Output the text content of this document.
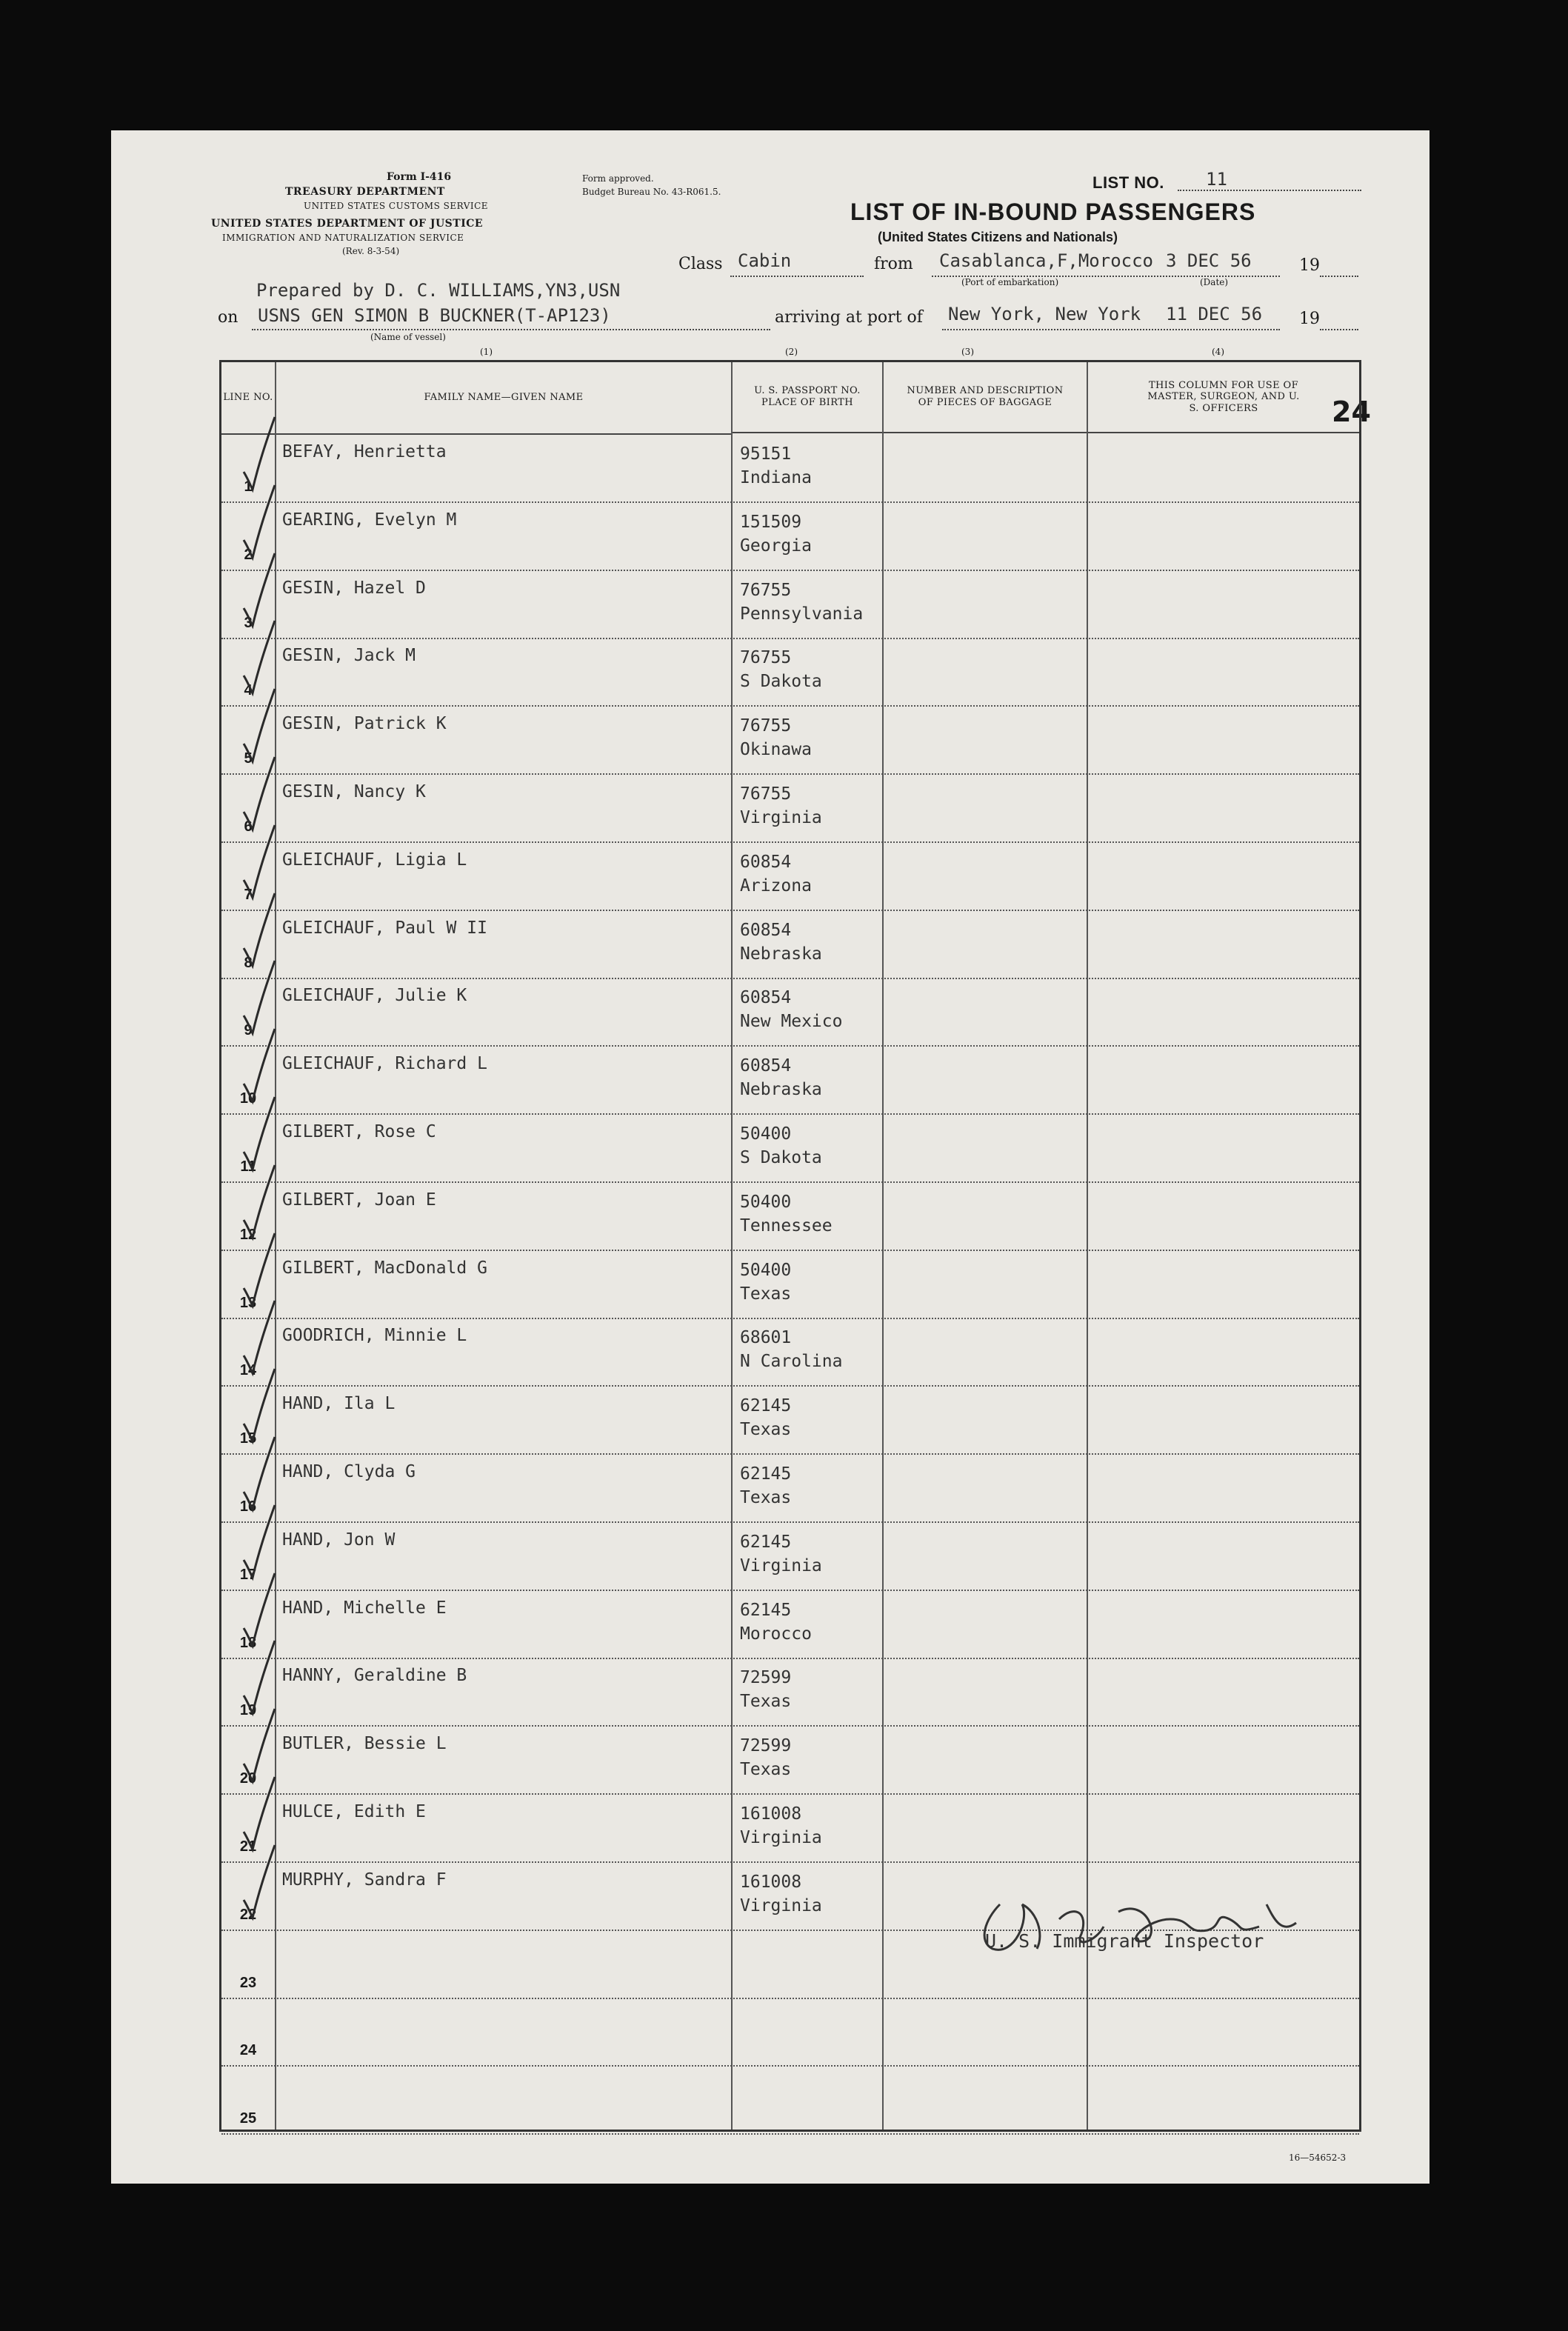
Form I-416
TREASURY DEPARTMENT
UNITED STATES CUSTOMS SERVICE
UNITED STATES DEPARTMENT OF JUSTICE
IMMIGRATION AND NATURALIZATION SERVICE
(Rev. 8-3-54)
Form approved.
Budget Bureau No. 43-R061.5.	LIST NO. 11
LIST OF IN-BOUND PASSENGERS
(United States Citizens and Nationals)
Class Cabin	from Casablanca,F,Morocco 3 DEC 56	19
(Port of embarkation)	(Date)
Prepared by D. C. WILLIAMS,YN3,USN
on USNS GEN SIMON B BUCKNER(T-AP123)	arriving at port of New York, New York 11 DEC 56 19
(Name of vessel)
(1)	(2)	(3)	(4)
24
LINE NO.	FAMILY NAME—GIVEN NAME
U. S. PASSPORT NO. PLACE OF BIRTH
NUMBER AND DESCRIPTION OF PIECES OF BAGGAGE
THIS COLUMN FOR USE OF MASTER, SURGEON, AND U. S. OFFICERS
1
BEFAY, Henrietta	95151
Indiana
2
GEARING, Evelyn M	151509
Georgia
3
GESIN, Hazel D	76755
Pennsylvania
4
GESIN, Jack M	76755
S Dakota
5
GESIN, Patrick K	76755
Okinawa
6
GESIN, Nancy K	76755
Virginia
7
GLEICHAUF, Ligia L	60854
Arizona
8
GLEICHAUF, Paul W II	60854
Nebraska
9
GLEICHAUF, Julie K	60854
New Mexico
10
GLEICHAUF, Richard L	60854
Nebraska
11
GILBERT, Rose C	50400
S Dakota
12
GILBERT, Joan E	50400
Tennessee
13
GILBERT, MacDonald G	50400
Texas
14
GOODRICH, Minnie L	68601
N Carolina
15
HAND, Ila L	62145
Texas
16
HAND, Clyda G	62145
Texas
17
HAND, Jon W	62145
Virginia
18
HAND, Michelle E	62145
Morocco
19
HANNY, Geraldine B	72599
Texas
20
BUTLER, Bessie L	72599
Texas
21
HULCE, Edith E	161008
Virginia
22
MURPHY, Sandra F	161008
Virginia
23
24
25
U. S. Immigrant Inspector
16—54652-3
